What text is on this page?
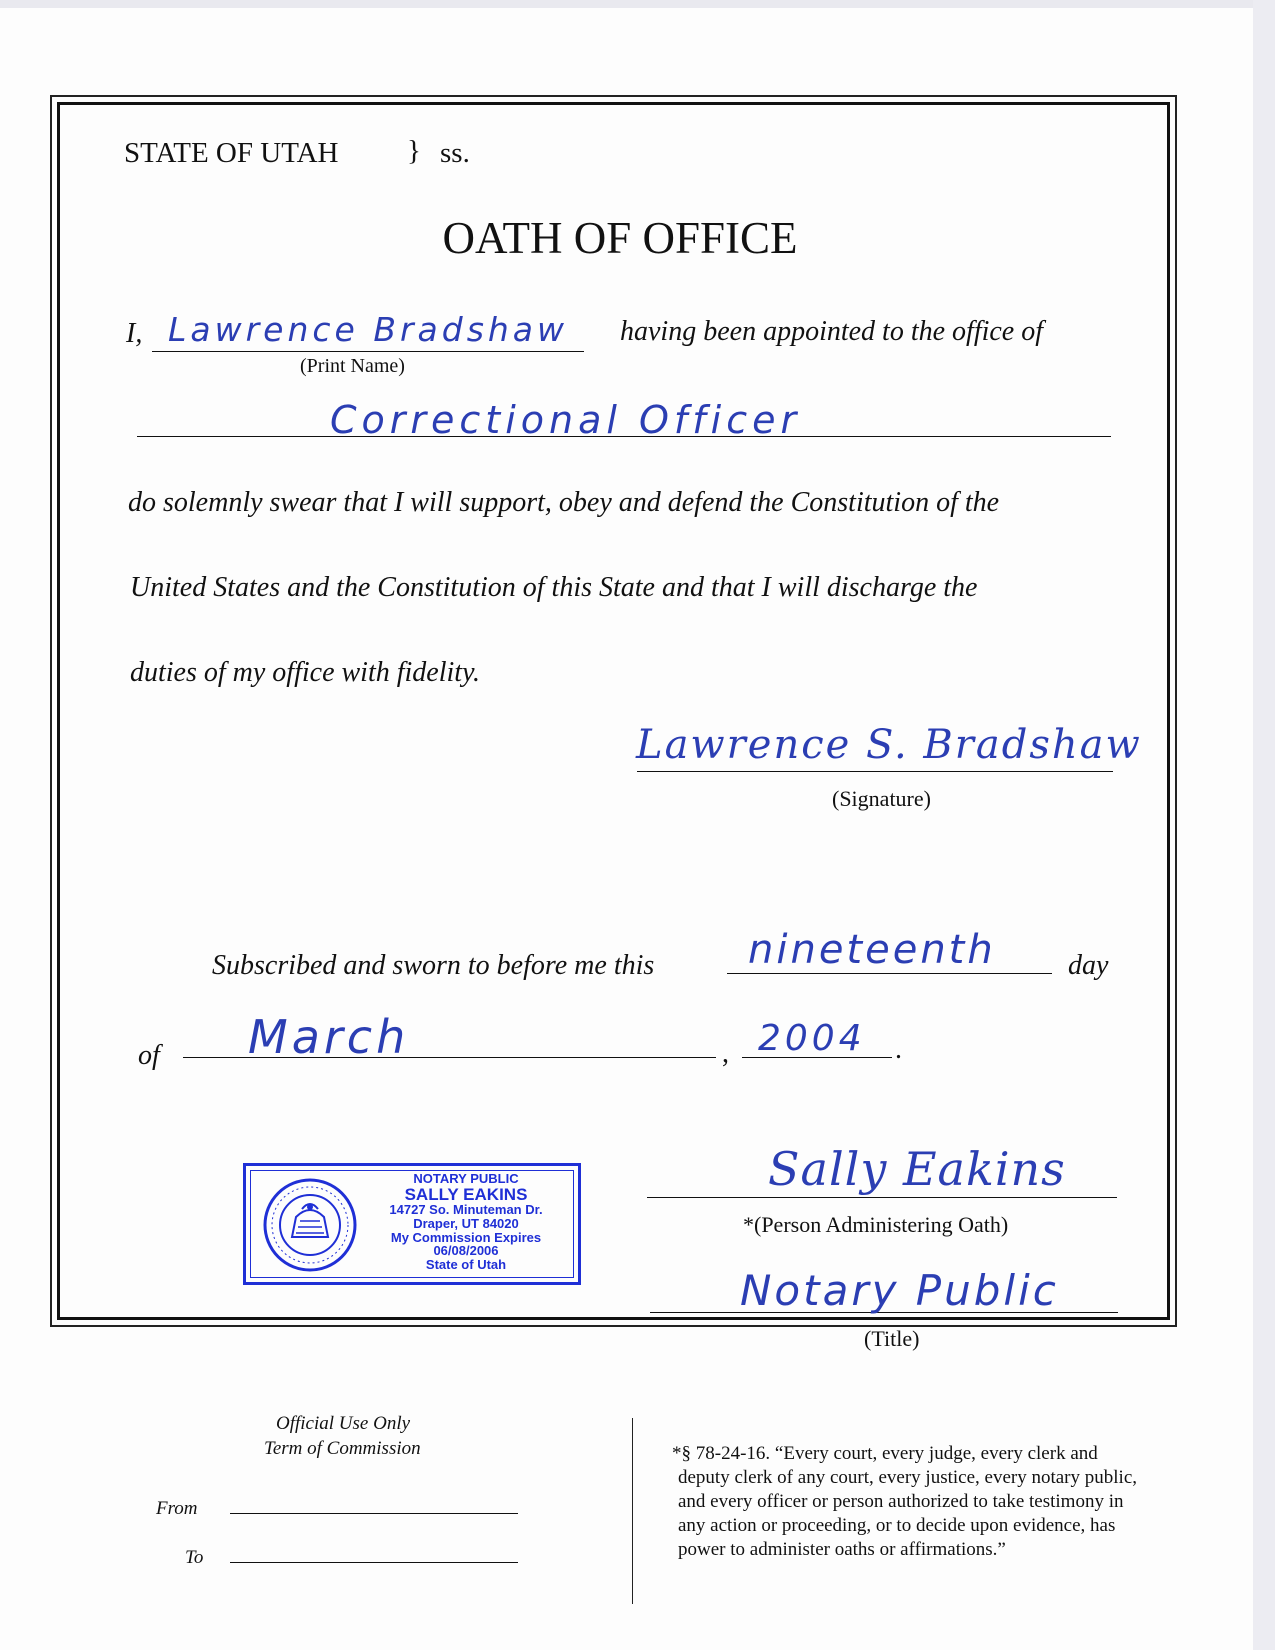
STATE OF UTAH } ss.
OATH OF OFFICE
I, Lawrence Bradshaw having been appointed to the office of
(Print Name)
Correctional Officer
do solemnly swear that I will support, obey and defend the Constitution of the
United States and the Constitution of this State and that I will discharge the
duties of my office with fidelity.
Lawrence S. Bradshaw
(Signature)
Subscribed and sworn to before me this nineteenth	day
of March	, 2004 .
Sally Eakins
*(Person Administering Oath)
Notary Public
(Title)
NOTARY PUBLIC
SALLY EAKINS
14727 So. Minuteman Dr.
Draper, UT 84020
My Commission Expires 06/08/2006
State of Utah
Official Use Only
Term of Commission
From
To
*§ 78-24-16. “Every court, every judge, every clerk and
deputy clerk of any court, every justice, every notary public,
and every officer or person authorized to take testimony in
any action or proceeding, or to decide upon evidence, has
power to administer oaths or affirmations.”
